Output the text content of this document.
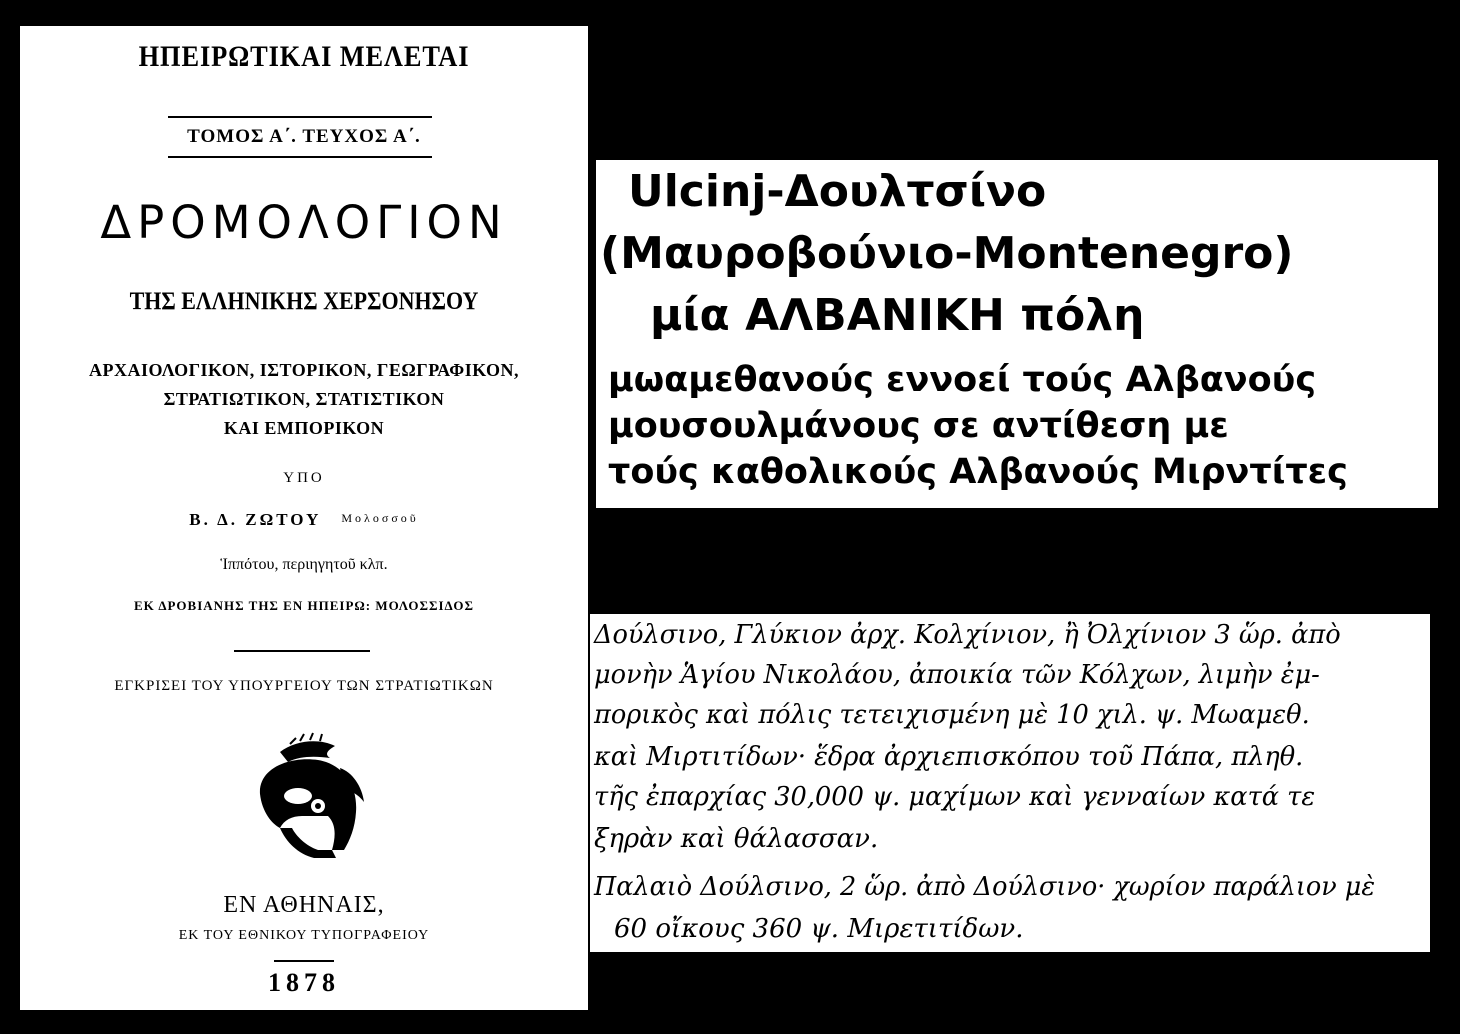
ΗΠΕΙΡΩΤΙΚΑΙ ΜΕΛΕΤΑΙ
ΤΟΜΟΣ Α΄. ΤΕΥΧΟΣ Α΄.
ΔΡΟΜΟΛΟΓΙΟΝ
ΤΗΣ ΕΛΛΗΝΙΚΗΣ ΧΕΡΣΟΝΗΣΟΥ
ΑΡΧΑΙΟΛΟΓΙΚΟΝ, ΙΣΤΟΡΙΚΟΝ, ΓΕΩΓΡΑΦΙΚΟΝ,
ΣΤΡΑΤΙΩΤΙΚΟΝ, ΣΤΑΤΙΣΤΙΚΟΝ
ΚΑΙ ΕΜΠΟΡΙΚΟΝ
ΥΠΟ
Β. Δ. ΖΩΤΟΥ Μολοσσοῦ
Ἱππότου, περιηγητοῦ κλπ.
ΕΚ ΔΡΟΒΙΑΝΗΣ ΤΗΣ ΕΝ ΗΠΕΙΡΩ: ΜΟΛΟΣΣΙΔΟΣ
ΕΓΚΡΙΣΕΙ ΤΟΥ ΥΠΟΥΡΓΕΙΟΥ ΤΩΝ ΣΤΡΑΤΙΩΤΙΚΩΝ
ΕΝ ΑΘΗΝΑΙΣ,
ΕΚ ΤΟΥ ΕΘΝΙΚΟΥ ΤΥΠΟΓΡΑΦΕΙΟΥ
1878
Ulcinj-Δουλτσίνο
(Μαυροβούνιο-Montenegro)
μία ΑΛΒΑΝΙΚΗ πόλη
μωαμεθανούς εννοεί τούς Αλβανούς
μουσουλμάνους σε αντίθεση με
τούς καθολικούς Αλβανούς Μιρντίτες
Δούλσινο, Γλύκιον ἀρχ. Κολχίνιον, ἢ Ὀλχίνιον 3 ὥρ. ἀπὸ
μονὴν Ἁγίου Νικολάου, ἀποικία τῶν Κόλχων, λιμὴν ἐμ-
πορικὸς καὶ πόλις τετειχισμένη μὲ 10 χιλ. ψ. Μωαμεθ.
καὶ Μιρτιτίδων· ἕδρα ἀρχιεπισκόπου τοῦ Πάπα, πληθ.
τῆς ἐπαρχίας 30,000 ψ. μαχίμων καὶ γενναίων κατά τε
ξηρὰν καὶ θάλασσαν.
Παλαιὸ Δούλσινο, 2 ὥρ. ἀπὸ Δούλσινο· χωρίον παράλιον μὲ
60 οἴκους 360 ψ. Μιρετιτίδων.
